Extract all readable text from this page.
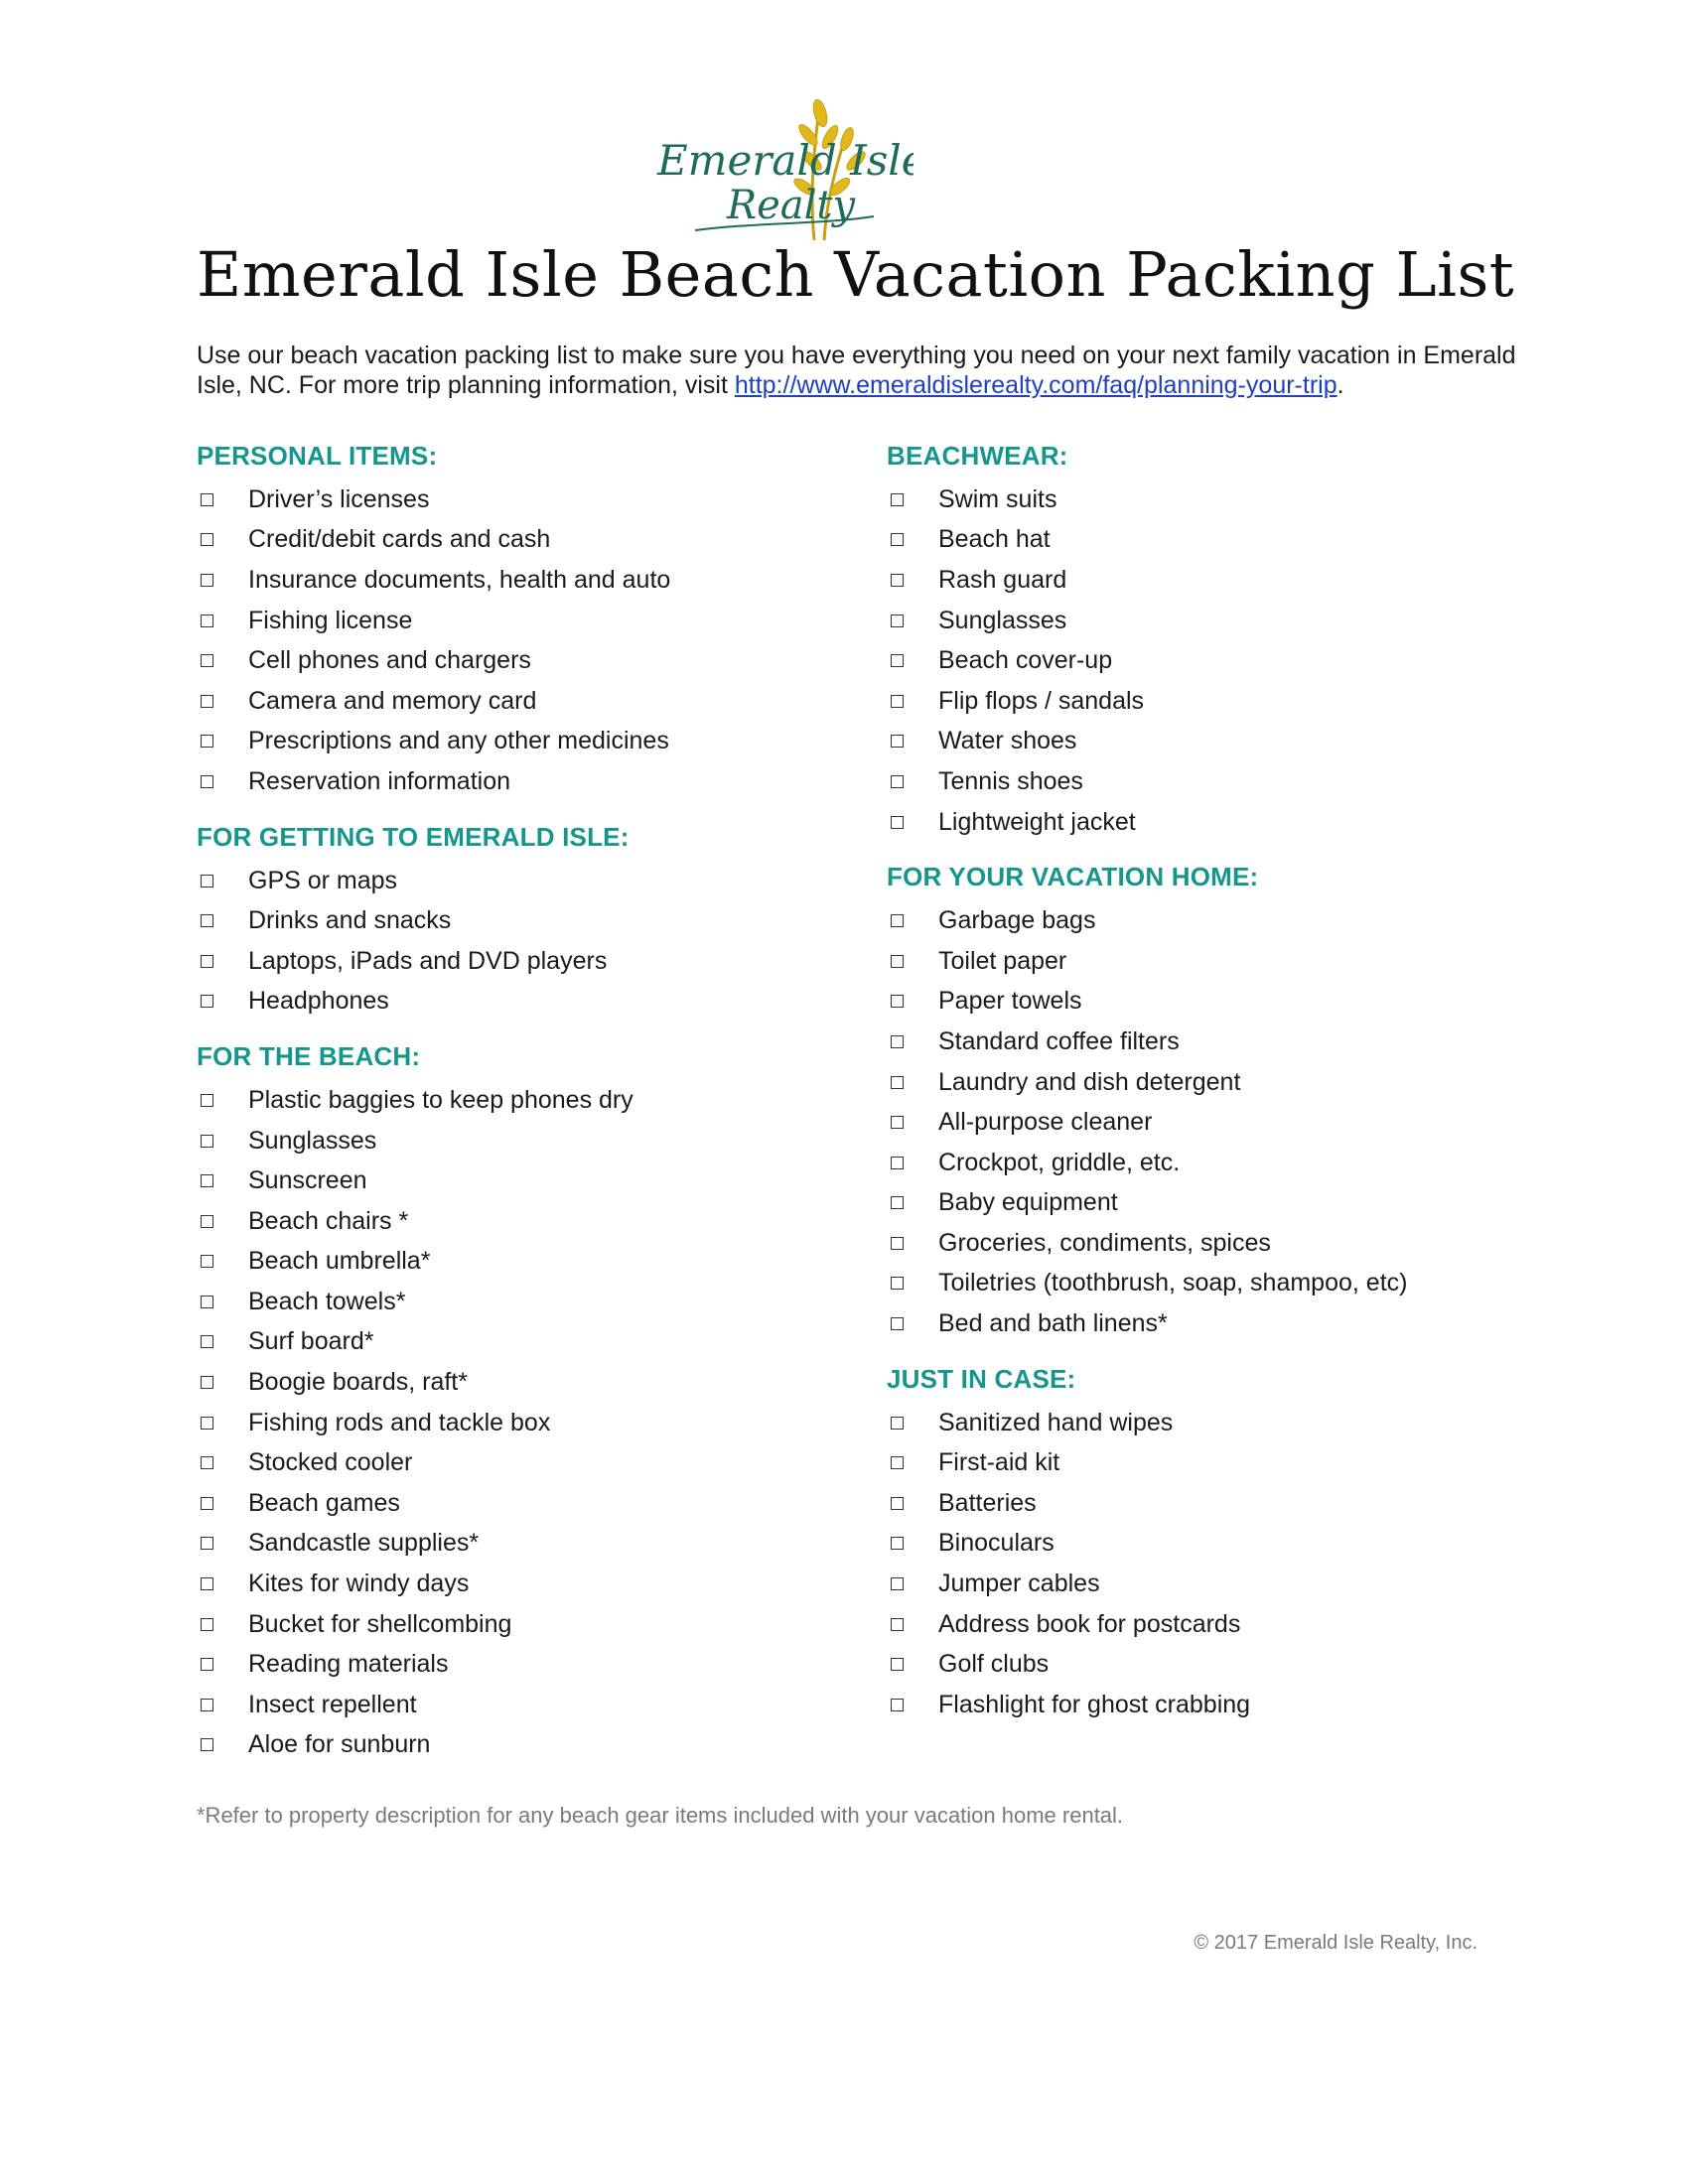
Emerald Isle
Realty
Emerald Isle Beach Vacation Packing List

Use our beach vacation packing list to make sure you have everything you need on your next family vacation in Emerald Isle, NC. For more trip planning information, visit http://www.emeraldislerealty.com/faq/planning-your-trip.

PERSONAL ITEMS:
Driver’s licenses
Credit/debit cards and cash
Insurance documents, health and auto
Fishing license
Cell phones and chargers
Camera and memory card
Prescriptions and any other medicines
Reservation information
FOR GETTING TO EMERALD ISLE:
GPS or maps
Drinks and snacks
Laptops, iPads and DVD players
Headphones
FOR THE BEACH:
Plastic baggies to keep phones dry
Sunglasses
Sunscreen
Beach chairs *
Beach umbrella*
Beach towels*
Surf board*
Boogie boards, raft*
Fishing rods and tackle box
Stocked cooler
Beach games
Sandcastle supplies*
Kites for windy days
Bucket for shellcombing
Reading materials
Insect repellent
Aloe for sunburn
BEACHWEAR:
Swim suits
Beach hat
Rash guard
Sunglasses
Beach cover-up
Flip flops / sandals
Water shoes
Tennis shoes
Lightweight jacket
FOR YOUR VACATION HOME:
Garbage bags
Toilet paper
Paper towels
Standard coffee filters
Laundry and dish detergent
All-purpose cleaner
Crockpot, griddle, etc.
Baby equipment
Groceries, condiments, spices
Toiletries (toothbrush, soap, shampoo, etc)
Bed and bath linens*
JUST IN CASE:
Sanitized hand wipes
First-aid kit
Batteries
Binoculars
Jumper cables
Address book for postcards
Golf clubs
Flashlight for ghost crabbing

*Refer to property description for any beach gear items included with your vacation home rental.

© 2017 Emerald Isle Realty, Inc.
